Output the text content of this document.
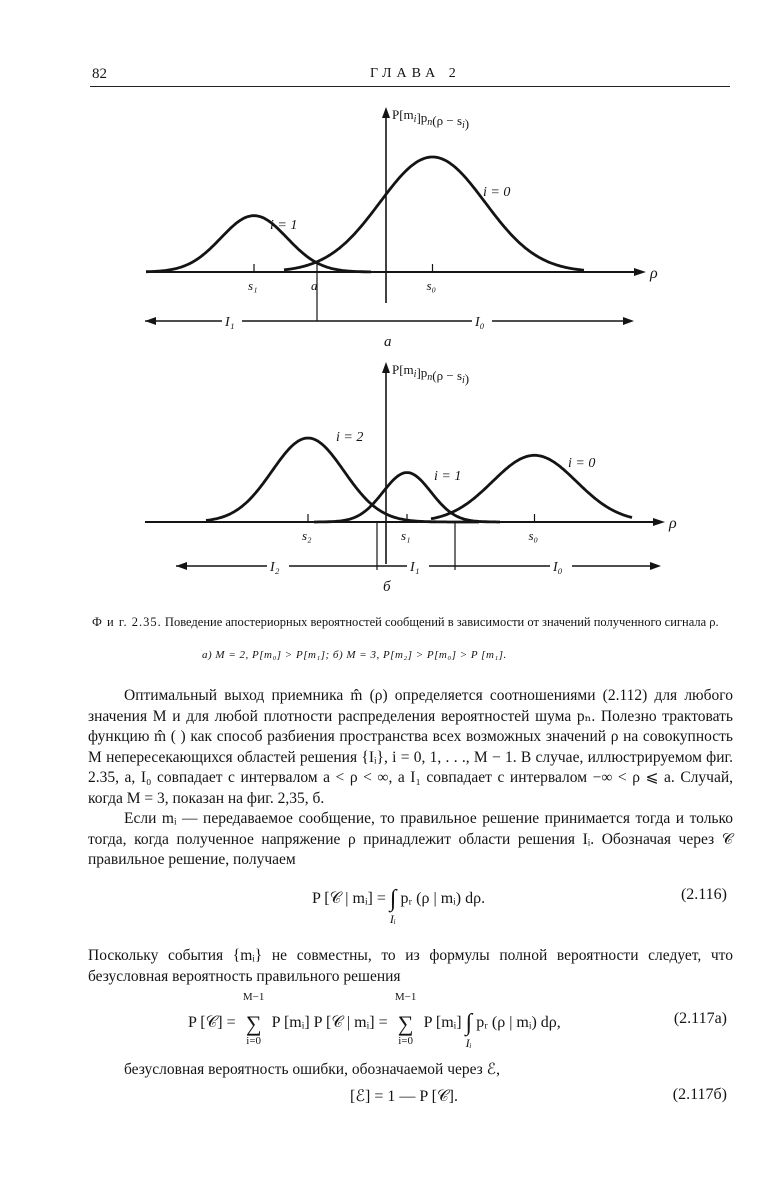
82	ГЛАВА 2
$P[m_i]p_n(\rho - s_i)$
ρ
i = 1
i = 0
s₁	a	s₀
I₁	I₀
a
$P[m_i]p_n(\rho - s_i)$
ρ
i = 2
i = 1
i = 0
s₂	s₁	s₀
I₂	I₁	I₀
б
Ф и г. 2.35. Поведение апостериорных вероятностей сообщений в зависимости от значений полученного сигнала ρ.
а) M = 2, P[m₀] > P[m₁]; б) M = 3, P[m₂] > P[m₀] > P [m₁].

Оптимальный выход приемника m̂ (ρ) определяется соотношениями (2.112) для любого значения M и для любой плотности распределения вероятностей шума pₙ. Полезно трактовать функцию m̂ ( ) как способ разбиения пространства всех возможных значений ρ на совокупность M непересекающихся областей решения {Iᵢ}, i = 0, 1, . . ., M − 1. В случае, иллюстрируемом фиг. 2.35, а, I₀ совпадает с интервалом a < ρ < ∞, а I₁ совпадает с интервалом −∞ < ρ ⩽ a. Случай, когда M = 3, показан на фиг. 2,35, б.

Если mᵢ — передаваемое сообщение, то правильное решение принимается тогда и только тогда, когда полученное напряжение ρ принадлежит области решения Iᵢ. Обозначая через 𝒞 правильное решение, получаем

P [𝒞 | mᵢ] = ∫
Iᵢ
pᵣ (ρ | mᵢ) dρ.	(2.116)

Поскольку события {mᵢ} не совместны, то из формулы полной вероятности следует, что безусловная вероятность правильного решения

P [𝒞] =
M−1
∑
i=0
P [mᵢ] P [𝒞 | mᵢ] =
M−1
∑
i=0
P [mᵢ] ∫
Iᵢ
pᵣ (ρ | mᵢ) dρ,	(2.117a)

безусловная вероятность ошибки, обозначаемой через ℰ,

[ℰ] = 1 — P [𝒞].	(2.117б)
